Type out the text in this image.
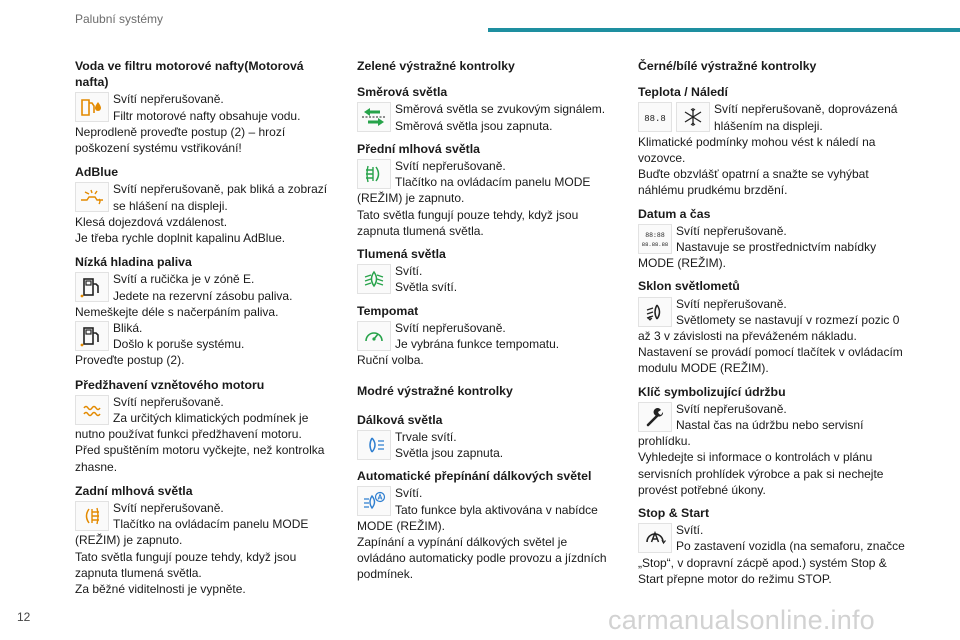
Palubní systémy
Voda ve filtru motorové nafty(Motorová nafta)

Svítí nepřerušovaně.

Filtr motorové nafty obsahuje vodu.

Neprodleně proveďte postup (2) – hrozí poškození systému vstřikování!

AdBlue

Svítí nepřerušovaně, pak bliká a zobrazí se hlášení na displeji.

Klesá dojezdová vzdálenost.

Je třeba rychle doplnit kapalinu AdBlue.

Nízká hladina paliva

Svítí a ručička je v zóně E.

Jedete na rezervní zásobu paliva.

Nemeškejte déle s načerpáním paliva.

Bliká.

Došlo k poruše systému.

Proveďte postup (2).

Předžhavení vznětového motoru

Svítí nepřerušovaně.

Za určitých klimatických podmínek je nutno používat funkci předžhavení motoru.

Před spuštěním motoru vyčkejte, než kontrolka zhasne.

Zadní mlhová světla

Svítí nepřerušovaně.

Tlačítko na ovládacím panelu MODE (REŽIM) je zapnuto.

Tato světla fungují pouze tehdy, když jsou zapnuta tlumená světla.

Za běžné viditelnosti je vypněte.

Zelené výstražné kontrolky
Směrová světla

Směrová světla se zvukovým signálem.

Směrová světla jsou zapnuta.

Přední mlhová světla

Svítí nepřerušovaně.

Tlačítko na ovládacím panelu MODE (REŽIM) je zapnuto.

Tato světla fungují pouze tehdy, když jsou zapnuta tlumená světla.

Tlumená světla

Svítí.

Světla svítí.

Tempomat

Svítí nepřerušovaně.

Je vybrána funkce tempomatu.

Ruční volba.

Modré výstražné kontrolky
Dálková světla

Trvale svítí.

Světla jsou zapnuta.

Automatické přepínání dálkových světel

Svítí.

Tato funkce byla aktivována v nabídce MODE (REŽIM).

Zapínání a vypínání dálkových světel je ovládáno automaticky podle provozu a jízdních podmínek.

Černé/bílé výstražné kontrolky
Teplota / Náledí
88.8

Svítí nepřerušovaně, doprovázená hlášením na displeji.

Klimatické podmínky mohou vést k náledí na vozovce.

Buďte obzvlášť opatrní a snažte se vyhýbat náhlému prudkému brzdění.

Datum a čas
88:88
88.88.88

Svítí nepřerušovaně.

Nastavuje se prostřednictvím nabídky MODE (REŽIM).

Sklon světlometů

Svítí nepřerušovaně.

Světlomety se nastavují v rozmezí pozic 0 až 3 v závislosti na převáženém nákladu.

Nastavení se provádí pomocí tlačítek v ovládacím modulu MODE (REŽIM).

Klíč symbolizující údržbu

Svítí nepřerušovaně.

Nastal čas na údržbu nebo servisní prohlídku.

Vyhledejte si informace o kontrolách v plánu servisních prohlídek výrobce a pak si nechejte provést potřebné úkony.

Stop & Start

Svítí.

Po zastavení vozidla (na semaforu, značce „Stop“, v dopravní zácpě apod.) systém Stop & Start přepne motor do režimu STOP.

12	carmanualsonline.info
